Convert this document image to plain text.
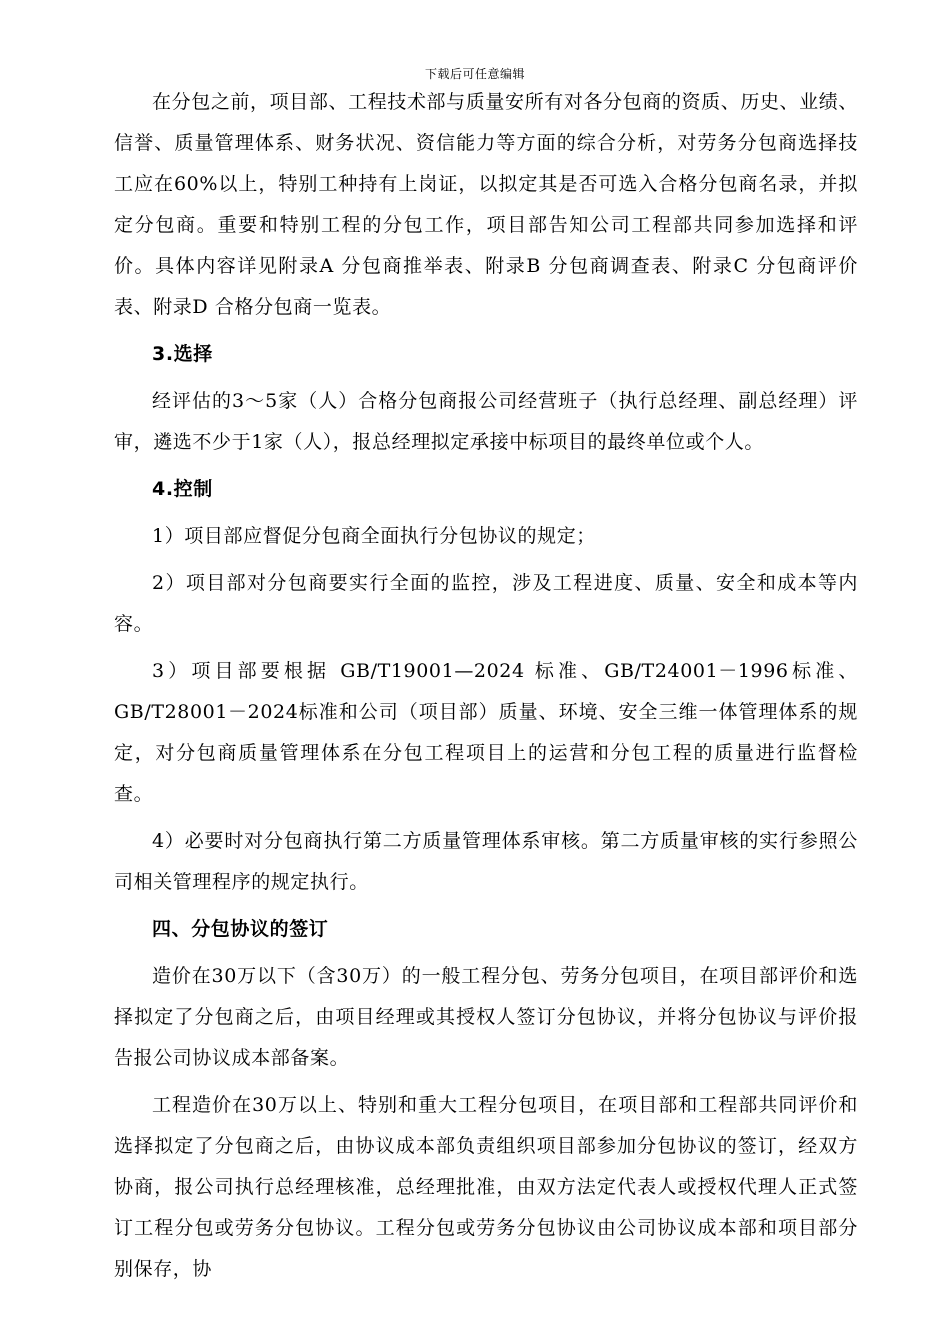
下载后可任意编辑

在分包之前，项目部、工程技术部与质量安所有对各分包商的资质、历史、业绩、信誉、质量管理体系、财务状况、资信能力等方面的综合分析，对劳务分包商选择技工应在60%以上，特别工种持有上岗证，以拟定其是否可选入合格分包商名录，并拟定分包商。重要和特别工程的分包工作，项目部告知公司工程部共同参加选择和评价。具体内容详见附录A 分包商推举表、附录B 分包商调查表、附录C 分包商评价表、附录D 合格分包商一览表。

3.选择

经评估的3～5家（人）合格分包商报公司经营班子（执行总经理、副总经理）评审，遴选不少于1家（人），报总经理拟定承接中标项目的最终单位或个人。

4.控制

1）项目部应督促分包商全面执行分包协议的规定；

2）项目部对分包商要实行全面的监控，涉及工程进度、质量、安全和成本等内容。

3）项目部要根据 GB/T19001—2024 标准、GB/T24001－1996标准、GB/T28001－2024标准和公司（项目部）质量、环境、安全三维一体管理体系的规定，对分包商质量管理体系在分包工程项目上的运营和分包工程的质量进行监督检查。

4）必要时对分包商执行第二方质量管理体系审核。第二方质量审核的实行参照公司相关管理程序的规定执行。

四、分包协议的签订

造价在30万以下（含30万）的一般工程分包、劳务分包项目，在项目部评价和选择拟定了分包商之后，由项目经理或其授权人签订分包协议，并将分包协议与评价报告报公司协议成本部备案。

工程造价在30万以上、特别和重大工程分包项目，在项目部和工程部共同评价和选择拟定了分包商之后，由协议成本部负责组织项目部参加分包协议的签订，经双方协商，报公司执行总经理核准，总经理批准，由双方法定代表人或授权代理人正式签订工程分包或劳务分包协议。工程分包或劳务分包协议由公司协议成本部和项目部分别保存，协
